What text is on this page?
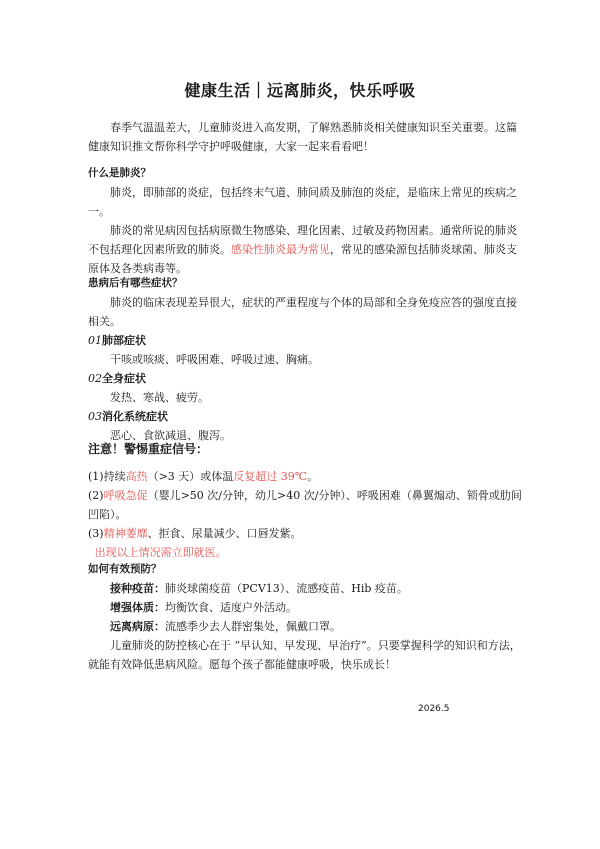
健康生活｜远离肺炎，快乐呼吸

春季气温温差大，儿童肺炎进入高发期，了解熟悉肺炎相关健康知识至关重要。这篇健康知识推文帮你科学守护呼吸健康，大家一起来看看吧！

什么是肺炎？

肺炎，即肺部的炎症，包括终末气道、肺间质及肺泡的炎症，是临床上常见的疾病之一。

肺炎的常见病因包括病原微生物感染、理化因素、过敏及药物因素。通常所说的肺炎不包括理化因素所致的肺炎。感染性肺炎最为常见，常见的感染源包括肺炎球菌、肺炎支原体及各类病毒等。

患病后有哪些症状？

肺炎的临床表现差异很大，症状的严重程度与个体的局部和全身免疫应答的强度直接相关。

01肺部症状

干咳或咳痰、呼吸困难、呼吸过速、胸痛。

02全身症状

发热、寒战、疲劳。

03消化系统症状

恶心、食欲减退、腹泻。

注意！警惕重症信号：

(1)持续高热（>3 天）或体温反复超过 39℃。

(2)呼吸急促（婴儿>50 次/分钟，幼儿>40 次/分钟）、呼吸困难（鼻翼煽动、锁骨或肋间凹陷）。

(3)精神萎靡、拒食、尿量减少、口唇发紫。

出现以上情况需立即就医。

如何有效预防？

接种疫苗：肺炎球菌疫苗（PCV13）、流感疫苗、Hib 疫苗。

增强体质：均衡饮食、适度户外活动。

远离病原：流感季少去人群密集处，佩戴口罩。

儿童肺炎的防控核心在于 “早认知、早发现、早治疗”。只要掌握科学的知识和方法，就能有效降低患病风险。愿每个孩子都能健康呼吸，快乐成长！

2026.5
